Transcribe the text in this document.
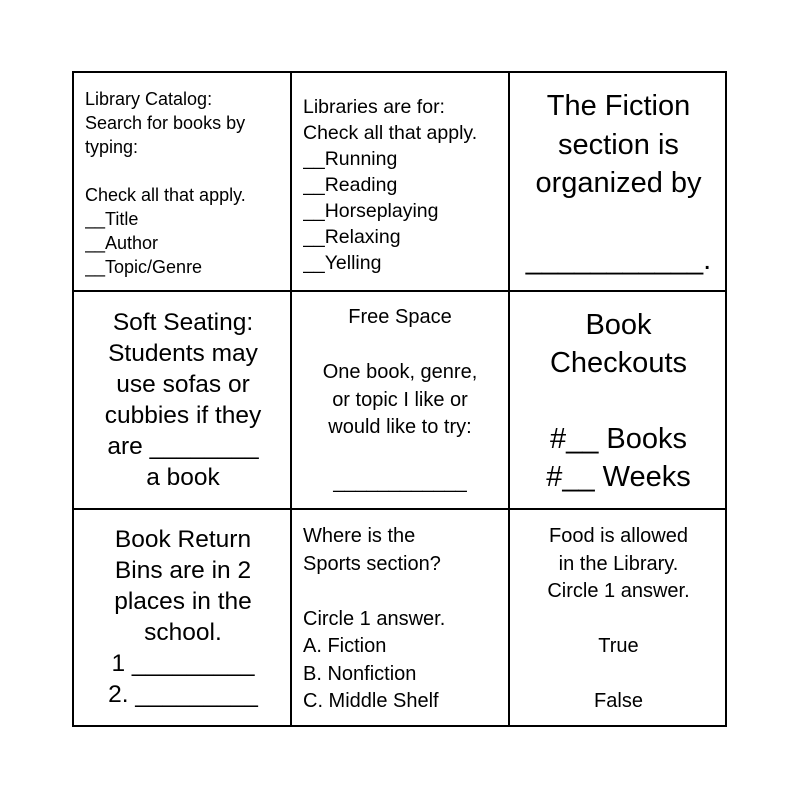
Library Catalog:
Search for books by
typing:

Check all that apply.
__Title
__Author
__Topic/Genre
Libraries are for:
Check all that apply.
__Running
__Reading
__Horseplaying
__Relaxing
__Yelling
The Fiction
section is
organized by

___________.
Soft Seating:
Students may
use sofas or
cubbies if they
are ________
a book
Free Space

One book, genre,
or topic I like or
would like to try:

____________
Book
Checkouts

#__ Books
#__ Weeks
Book Return
Bins are in 2
places in the
school.
1 _________
2. _________
Where is the
Sports section?

Circle 1 answer.
A. Fiction
B. Nonfiction
C. Middle Shelf
Food is allowed
in the Library.
Circle 1 answer.

True

False
